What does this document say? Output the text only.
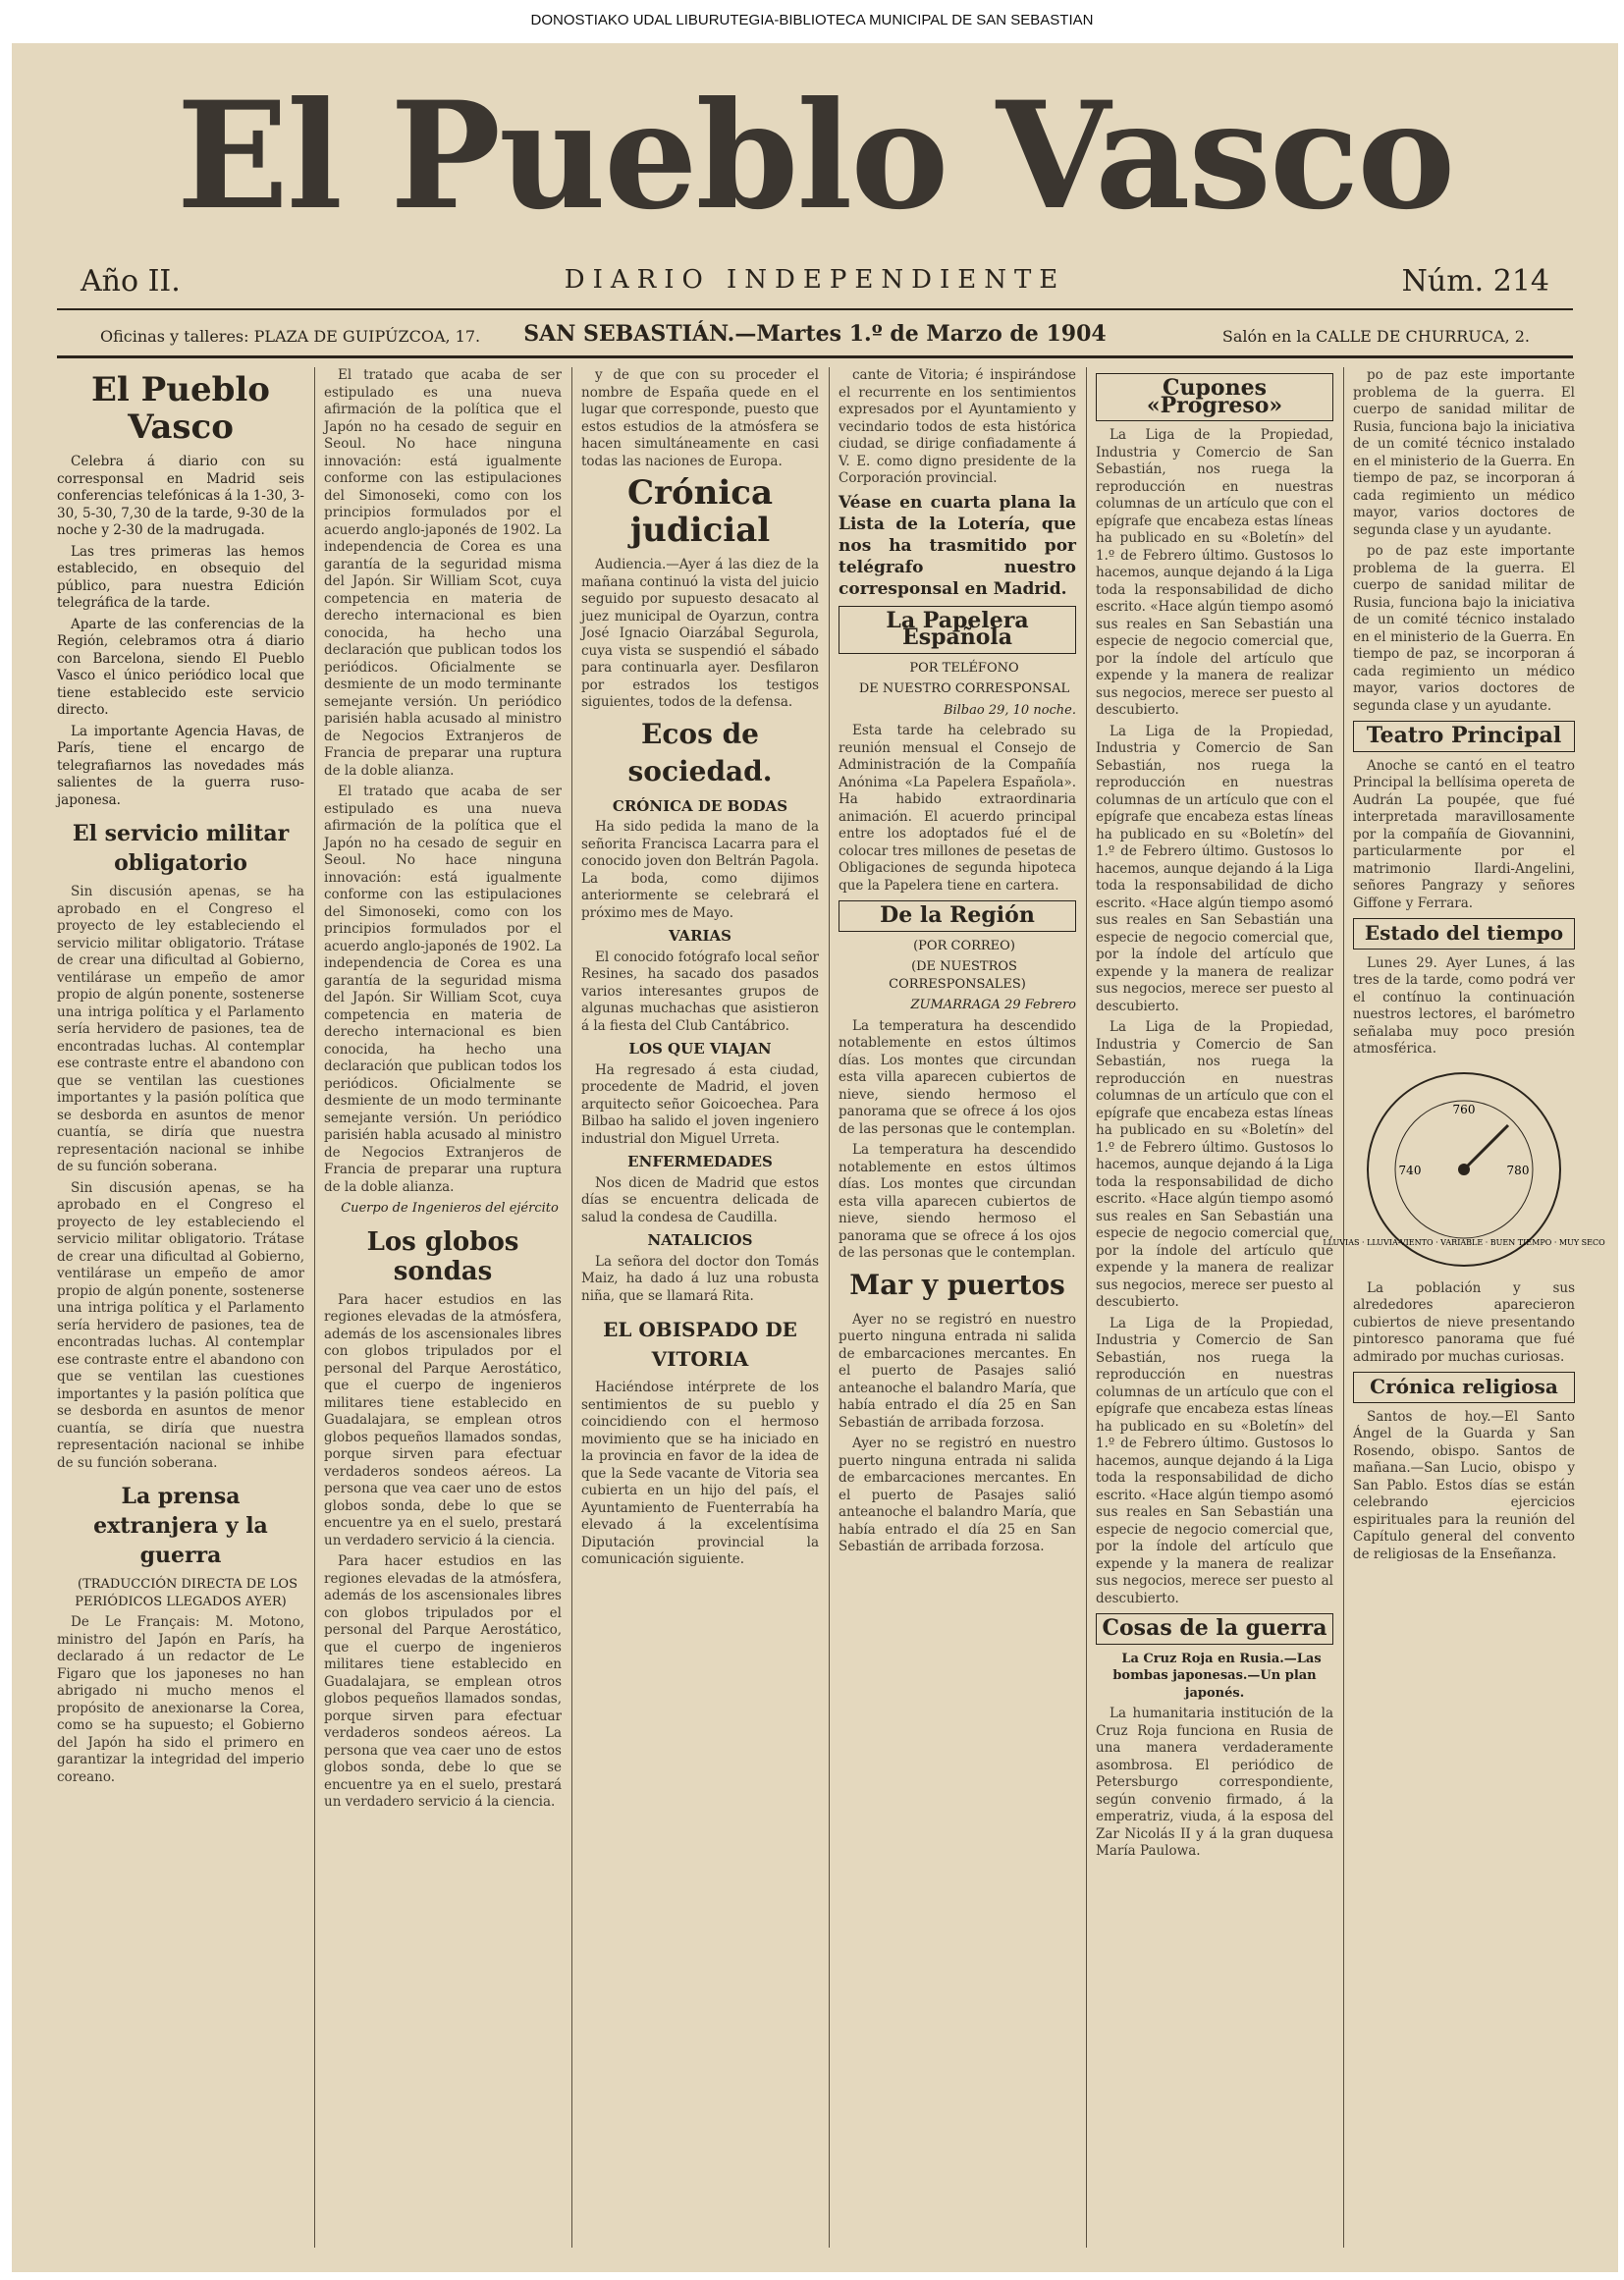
DONOSTIAKO UDAL LIBURUTEGIA-BIBLIOTECA MUNICIPAL DE SAN SEBASTIAN
El Pueblo Vasco
Año II.	DIARIO INDEPENDIENTE	Núm. 214
Oficinas y talleres: PLAZA DE GUIPÚZCOA, 17.	SAN SEBASTIÁN.—Martes 1.º de Marzo de 1904	Salón en la CALLE DE CHURRUCA, 2.
El Pueblo Vasco

Celebra á diario con su corresponsal en Madrid seis conferencias telefónicas á la 1-30, 3-30, 5-30, 7,30 de la tarde, 9-30 de la noche y 2-30 de la madrugada.

Las tres primeras las hemos establecido, en obsequio del público, para nuestra Edición telegráfica de la tarde.

Aparte de las conferencias de la Región, celebramos otra á diario con Barcelona, siendo El Pueblo Vasco el único periódico local que tiene establecido este servicio directo.

La importante Agencia Havas, de París, tiene el encargo de telegrafiarnos las novedades más salientes de la guerra ruso-japonesa.

El servicio militar obligatorio

Sin discusión apenas, se ha aprobado en el Congreso el proyecto de ley estableciendo el servicio militar obligatorio. Trátase de crear una dificultad al Gobierno, ventilárase un empeño de amor propio de algún ponente, sostenerse una intriga política y el Parlamento sería hervidero de pasiones, tea de encontradas luchas. Al contemplar ese contraste entre el abandono con que se ventilan las cuestiones importantes y la pasión política que se desborda en asuntos de menor cuantía, se diría que nuestra representación nacional se inhibe de su función soberana.

Sin discusión apenas, se ha aprobado en el Congreso el proyecto de ley estableciendo el servicio militar obligatorio. Trátase de crear una dificultad al Gobierno, ventilárase un empeño de amor propio de algún ponente, sostenerse una intriga política y el Parlamento sería hervidero de pasiones, tea de encontradas luchas. Al contemplar ese contraste entre el abandono con que se ventilan las cuestiones importantes y la pasión política que se desborda en asuntos de menor cuantía, se diría que nuestra representación nacional se inhibe de su función soberana.

La prensa extranjera y la guerra

(TRADUCCIÓN DIRECTA DE LOS PERIÓDICOS LLEGADOS AYER)

De Le Français: M. Motono, ministro del Japón en París, ha declarado á un redactor de Le Figaro que los japoneses no han abrigado ni mucho menos el propósito de anexionarse la Corea, como se ha supuesto; el Gobierno del Japón ha sido el primero en garantizar la integridad del imperio coreano.

El tratado que acaba de ser estipulado es una nueva afirmación de la política que el Japón no ha cesado de seguir en Seoul. No hace ninguna innovación: está igualmente conforme con las estipulaciones del Simonoseki, como con los principios formulados por el acuerdo anglo-japonés de 1902. La independencia de Corea es una garantía de la seguridad misma del Japón. Sir William Scot, cuya competencia en materia de derecho internacional es bien conocida, ha hecho una declaración que publican todos los periódicos. Oficialmente se desmiente de un modo terminante semejante versión. Un periódico parisién habla acusado al ministro de Negocios Extranjeros de Francia de preparar una ruptura de la doble alianza.

El tratado que acaba de ser estipulado es una nueva afirmación de la política que el Japón no ha cesado de seguir en Seoul. No hace ninguna innovación: está igualmente conforme con las estipulaciones del Simonoseki, como con los principios formulados por el acuerdo anglo-japonés de 1902. La independencia de Corea es una garantía de la seguridad misma del Japón. Sir William Scot, cuya competencia en materia de derecho internacional es bien conocida, ha hecho una declaración que publican todos los periódicos. Oficialmente se desmiente de un modo terminante semejante versión. Un periódico parisién habla acusado al ministro de Negocios Extranjeros de Francia de preparar una ruptura de la doble alianza.

Cuerpo de Ingenieros del ejército

Los globos sondas

Para hacer estudios en las regiones elevadas de la atmósfera, además de los ascensionales libres con globos tripulados por el personal del Parque Aerostático, que el cuerpo de ingenieros militares tiene establecido en Guadalajara, se emplean otros globos pequeños llamados sondas, porque sirven para efectuar verdaderos sondeos aéreos. La persona que vea caer uno de estos globos sonda, debe lo que se encuentre ya en el suelo, prestará un verdadero servicio á la ciencia.

Para hacer estudios en las regiones elevadas de la atmósfera, además de los ascensionales libres con globos tripulados por el personal del Parque Aerostático, que el cuerpo de ingenieros militares tiene establecido en Guadalajara, se emplean otros globos pequeños llamados sondas, porque sirven para efectuar verdaderos sondeos aéreos. La persona que vea caer uno de estos globos sonda, debe lo que se encuentre ya en el suelo, prestará un verdadero servicio á la ciencia.

y de que con su proceder el nombre de España quede en el lugar que corresponde, puesto que estos estudios de la atmósfera se hacen simultáneamente en casi todas las naciones de Europa.

Crónica judicial

Audiencia.—Ayer á las diez de la mañana continuó la vista del juicio seguido por supuesto desacato al juez municipal de Oyarzun, contra José Ignacio Oiarzábal Segurola, cuya vista se suspendió el sábado para continuarla ayer. Desfilaron por estrados los testigos siguientes, todos de la defensa.

Ecos de sociedad.
CRÓNICA DE BODAS

Ha sido pedida la mano de la señorita Francisca Lacarra para el conocido joven don Beltrán Pagola. La boda, como dijimos anteriormente se celebrará el próximo mes de Mayo.

VARIAS

El conocido fotógrafo local señor Resines, ha sacado dos pasados varios interesantes grupos de algunas muchachas que asistieron á la fiesta del Club Cantábrico.

LOS QUE VIAJAN

Ha regresado á esta ciudad, procedente de Madrid, el joven arquitecto señor Goicoechea. Para Bilbao ha salido el joven ingeniero industrial don Miguel Urreta.

ENFERMEDADES

Nos dicen de Madrid que estos días se encuentra delicada de salud la condesa de Caudilla.

NATALICIOS

La señora del doctor don Tomás Maiz, ha dado á luz una robusta niña, que se llamará Rita.

EL OBISPADO DE VITORIA

Haciéndose intérprete de los sentimientos de su pueblo y coincidiendo con el hermoso movimiento que se ha iniciado en la provincia en favor de la idea de que la Sede vacante de Vitoria sea cubierta en un hijo del país, el Ayuntamiento de Fuenterrabía ha elevado á la excelentísima Diputación provincial la comunicación siguiente.

cante de Vitoria; é inspirándose el recurrente en los sentimientos expresados por el Ayuntamiento y vecindario todos de esta histórica ciudad, se dirige confiadamente á V. E. como digno presidente de la Corporación provincial.

Véase en cuarta plana la Lista de la Lotería, que nos ha trasmitido por telégrafo nuestro corresponsal en Madrid.

La Papelera Española

POR TELÉFONO

DE NUESTRO CORRESPONSAL

Bilbao 29, 10 noche.

Esta tarde ha celebrado su reunión mensual el Consejo de Administración de la Compañía Anónima «La Papelera Española». Ha habido extraordinaria animación. El acuerdo principal entre los adoptados fué el de colocar tres millones de pesetas de Obligaciones de segunda hipoteca que la Papelera tiene en cartera.

De la Región

(POR CORREO)

(DE NUESTROS CORRESPONSALES)

ZUMARRAGA 29 Febrero

La temperatura ha descendido notablemente en estos últimos días. Los montes que circundan esta villa aparecen cubiertos de nieve, siendo hermoso el panorama que se ofrece á los ojos de las personas que le contemplan.

La temperatura ha descendido notablemente en estos últimos días. Los montes que circundan esta villa aparecen cubiertos de nieve, siendo hermoso el panorama que se ofrece á los ojos de las personas que le contemplan.

Mar y puertos

Ayer no se registró en nuestro puerto ninguna entrada ni salida de embarcaciones mercantes. En el puerto de Pasajes salió anteanoche el balandro María, que había entrado el día 25 en San Sebastián de arribada forzosa.

Ayer no se registró en nuestro puerto ninguna entrada ni salida de embarcaciones mercantes. En el puerto de Pasajes salió anteanoche el balandro María, que había entrado el día 25 en San Sebastián de arribada forzosa.

Cupones «Progreso»

La Liga de la Propiedad, Industria y Comercio de San Sebastián, nos ruega la reproducción en nuestras columnas de un artículo que con el epígrafe que encabeza estas líneas ha publicado en su «Boletín» del 1.º de Febrero último. Gustosos lo hacemos, aunque dejando á la Liga toda la responsabilidad de dicho escrito. «Hace algún tiempo asomó sus reales en San Sebastián una especie de negocio comercial que, por la índole del artículo que expende y la manera de realizar sus negocios, merece ser puesto al descubierto.

La Liga de la Propiedad, Industria y Comercio de San Sebastián, nos ruega la reproducción en nuestras columnas de un artículo que con el epígrafe que encabeza estas líneas ha publicado en su «Boletín» del 1.º de Febrero último. Gustosos lo hacemos, aunque dejando á la Liga toda la responsabilidad de dicho escrito. «Hace algún tiempo asomó sus reales en San Sebastián una especie de negocio comercial que, por la índole del artículo que expende y la manera de realizar sus negocios, merece ser puesto al descubierto.

La Liga de la Propiedad, Industria y Comercio de San Sebastián, nos ruega la reproducción en nuestras columnas de un artículo que con el epígrafe que encabeza estas líneas ha publicado en su «Boletín» del 1.º de Febrero último. Gustosos lo hacemos, aunque dejando á la Liga toda la responsabilidad de dicho escrito. «Hace algún tiempo asomó sus reales en San Sebastián una especie de negocio comercial que, por la índole del artículo que expende y la manera de realizar sus negocios, merece ser puesto al descubierto.

La Liga de la Propiedad, Industria y Comercio de San Sebastián, nos ruega la reproducción en nuestras columnas de un artículo que con el epígrafe que encabeza estas líneas ha publicado en su «Boletín» del 1.º de Febrero último. Gustosos lo hacemos, aunque dejando á la Liga toda la responsabilidad de dicho escrito. «Hace algún tiempo asomó sus reales en San Sebastián una especie de negocio comercial que, por la índole del artículo que expende y la manera de realizar sus negocios, merece ser puesto al descubierto.

Cosas de la guerra

La Cruz Roja en Rusia.—Las bombas japonesas.—Un plan japonés.

La humanitaria institución de la Cruz Roja funciona en Rusia de una manera verdaderamente asombrosa. El periódico de Petersburgo correspondiente, según convenio firmado, á la emperatriz, viuda, á la esposa del Zar Nicolás II y á la gran duquesa María Paulowa.

po de paz este importante problema de la guerra. El cuerpo de sanidad militar de Rusia, funciona bajo la iniciativa de un comité técnico instalado en el ministerio de la Guerra. En tiempo de paz, se incorporan á cada regimiento un médico mayor, varios doctores de segunda clase y un ayudante.

po de paz este importante problema de la guerra. El cuerpo de sanidad militar de Rusia, funciona bajo la iniciativa de un comité técnico instalado en el ministerio de la Guerra. En tiempo de paz, se incorporan á cada regimiento un médico mayor, varios doctores de segunda clase y un ayudante.

Teatro Principal

Anoche se cantó en el teatro Principal la bellísima opereta de Audrán La poupée, que fué interpretada maravillosamente por la compañía de Giovannini, particularmente por el matrimonio Ilardi-Angelini, señores Pangrazy y señores Giffone y Ferrara.

Estado del tiempo

Lunes 29. Ayer Lunes, á las tres de la tarde, como podrá ver el contínuo la continuación nuestros lectores, el barómetro señalaba muy poco presión atmosférica.

760
780
740
LLUVIAS · LLUVIA-VIENTO · VARIABLE · BUEN TIEMPO · MUY SECO

La población y sus alrededores aparecieron cubiertos de nieve presentando pintoresco panorama que fué admirado por muchas curiosas.

Crónica religiosa

Santos de hoy.—El Santo Ángel de la Guarda y San Rosendo, obispo. Santos de mañana.—San Lucio, obispo y San Pablo. Estos días se están celebrando ejercicios espirituales para la reunión del Capítulo general del convento de religiosas de la Enseñanza.
